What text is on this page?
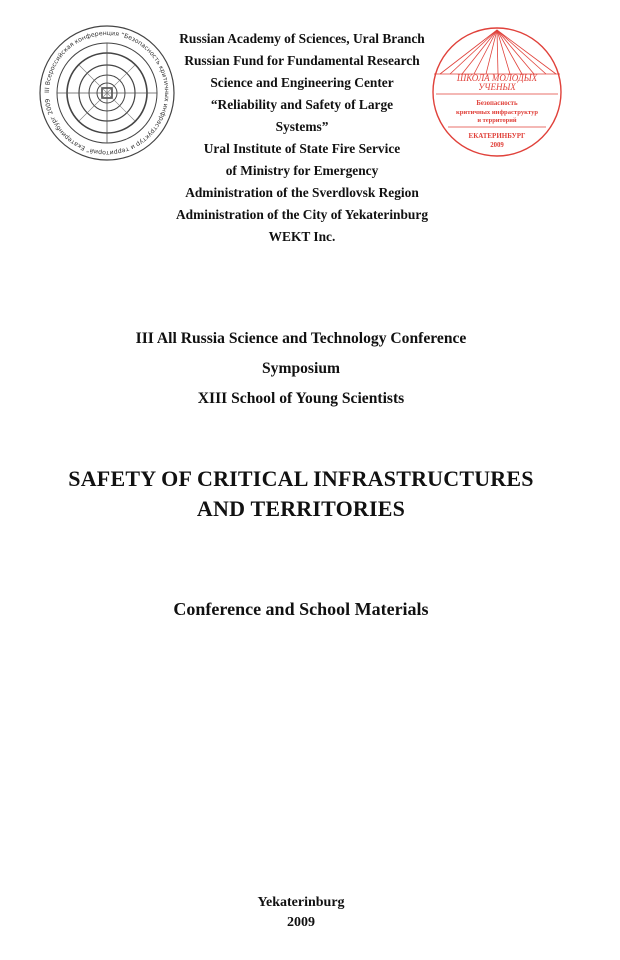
III Всероссийская конференция “Безопасность критичных инфраструктур и территорий” Екатеринбург 2009
Russian Academy of Sciences, Ural Branch
Russian Fund for Fundamental Research
Science and Engineering Center
“Reliability and Safety of Large
Systems”
Ural Institute of State Fire Service
of Ministry for Emergency
Administration of the Sverdlovsk Region
Administration of the City of Yekaterinburg
WEKT Inc.
ШКОЛА МОЛОДЫХ
УЧЕНЫХ
Безопасность
критичных инфраструктур
и территорий
ЕКАТЕРИНБУРГ
2009
III All Russia Science and Technology Conference
Symposium
XIII School of Young Scientists
SAFETY OF CRITICAL INFRASTRUCTURES
AND TERRITORIES
Conference and School Materials
Yekaterinburg
2009
